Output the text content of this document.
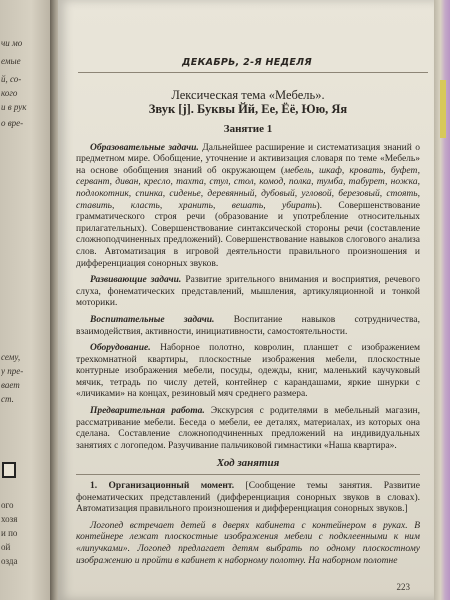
чи мо
емые
й, со-
кого
и в рук
о вре-
сему,
у пре-
вает
ст.
ого
хозя
и по
ой
озда
ДЕКАБРЬ, 2-Я НЕДЕЛЯ
Лексическая тема «Мебель».
Звук [j]. Буквы Йй, Ее, Ёё, Юю, Яя
Занятие 1

Образовательные задачи. Дальнейшее расширение и систематизация знаний о предметном мире. Обобщение, уточнение и активизация словаря по теме «Мебель» на основе обобщения знаний об окружающем (мебель, шкаф, кровать, буфет, сервант, диван, кресло, тахта, стул, стол, комод, полка, тумба, табурет, ножка, подлокотник, спинка, сиденье, деревянный, дубовый, угловой, березовый, стоять, ставить, класть, хранить, вешать, убирать). Совершенствование грамматического строя речи (образование и употребление относительных прилагательных). Совершенствование синтаксической стороны речи (составление сложноподчиненных предложений). Совершенствование навыков слогового анализа слов. Автоматизация в игровой деятельности правильного произношения и дифференциация сонорных звуков.

Развивающие задачи. Развитие зрительного внимания и восприятия, речевого слуха, фонематических представлений, мышления, артикуляционной и тонкой моторики.

Воспитательные задачи. Воспитание навыков сотрудничества, взаимодействия, активности, инициативности, самостоятельности.

Оборудование. Наборное полотно, ковролин, планшет с изображением трехкомнатной квартиры, плоскостные изображения мебели, плоскостные контурные изображения мебели, посуды, одежды, книг, маленький каучуковый мячик, тетрадь по числу детей, контейнер с карандашами, яркие шнурки с «личиками» на концах, резиновый мяч среднего размера.

Предварительная работа. Экскурсия с родителями в мебельный магазин, рассматривание мебели. Беседа о мебели, ее деталях, материалах, из которых она сделана. Составление сложноподчиненных предложений на индивидуальных занятиях с логопедом. Разучивание пальчиковой гимнастики «Наша квартира».

Ход занятия

1. Организационный момент. [Сообщение темы занятия. Развитие фонематических представлений (дифференциация сонорных звуков в словах). Автоматизация правильного произношения и дифференциация сонорных звуков.]

Логопед встречает детей в дверях кабинета с контейнером в руках. В контейнере лежат плоскостные изображения мебели с подклеенными к ним «липучками». Логопед предлагает детям выбрать по одному плоскостному изображению и пройти в кабинет к наборному полотну. На наборном полотне

223
